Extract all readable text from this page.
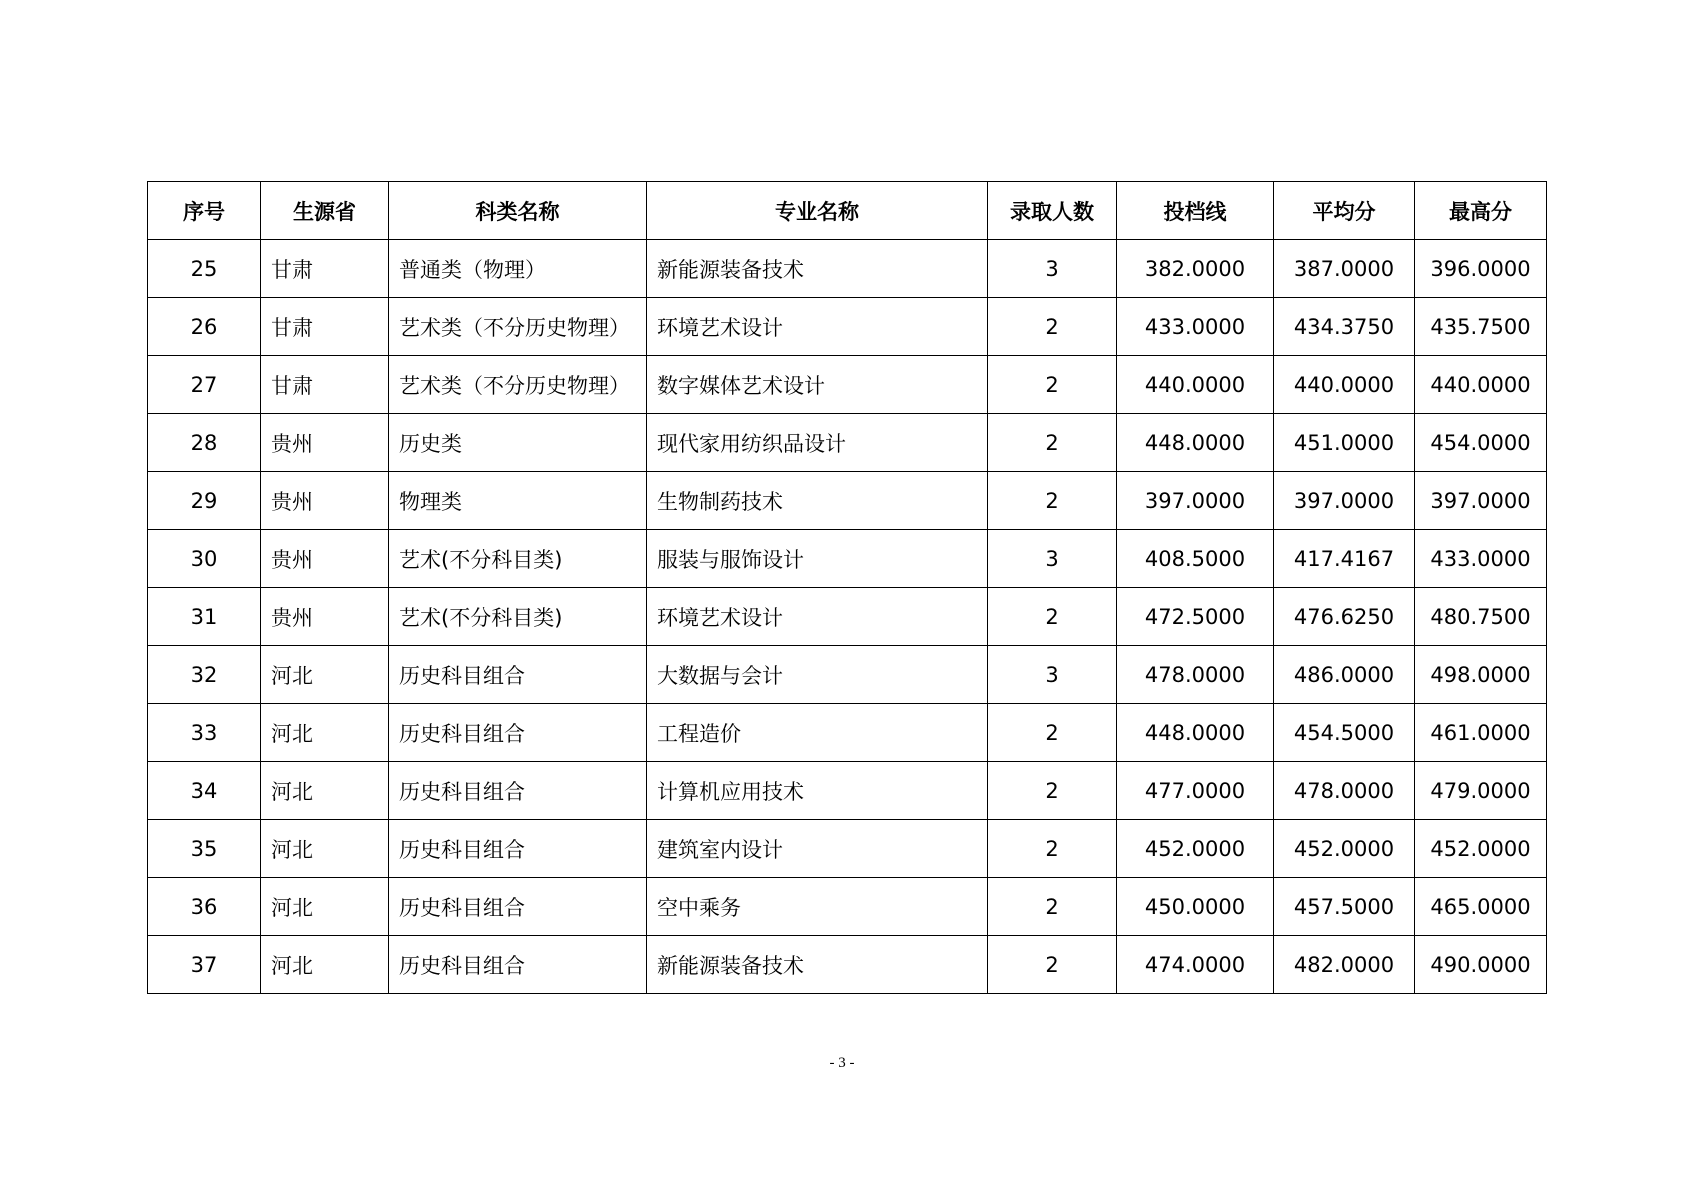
序号	生源省	科类名称	专业名称	录取人数	投档线	平均分	最高分
25	甘肃	普通类（物理）	新能源装备技术	3	382.0000	387.0000	396.0000
26	甘肃	艺术类（不分历史物理）	环境艺术设计	2	433.0000	434.3750	435.7500
27	甘肃	艺术类（不分历史物理）	数字媒体艺术设计	2	440.0000	440.0000	440.0000
28	贵州	历史类	现代家用纺织品设计	2	448.0000	451.0000	454.0000
29	贵州	物理类	生物制药技术	2	397.0000	397.0000	397.0000
30	贵州	艺术(不分科目类)	服装与服饰设计	3	408.5000	417.4167	433.0000
31	贵州	艺术(不分科目类)	环境艺术设计	2	472.5000	476.6250	480.7500
32	河北	历史科目组合	大数据与会计	3	478.0000	486.0000	498.0000
33	河北	历史科目组合	工程造价	2	448.0000	454.5000	461.0000
34	河北	历史科目组合	计算机应用技术	2	477.0000	478.0000	479.0000
35	河北	历史科目组合	建筑室内设计	2	452.0000	452.0000	452.0000
36	河北	历史科目组合	空中乘务	2	450.0000	457.5000	465.0000
37	河北	历史科目组合	新能源装备技术	2	474.0000	482.0000	490.0000
- 3 -
